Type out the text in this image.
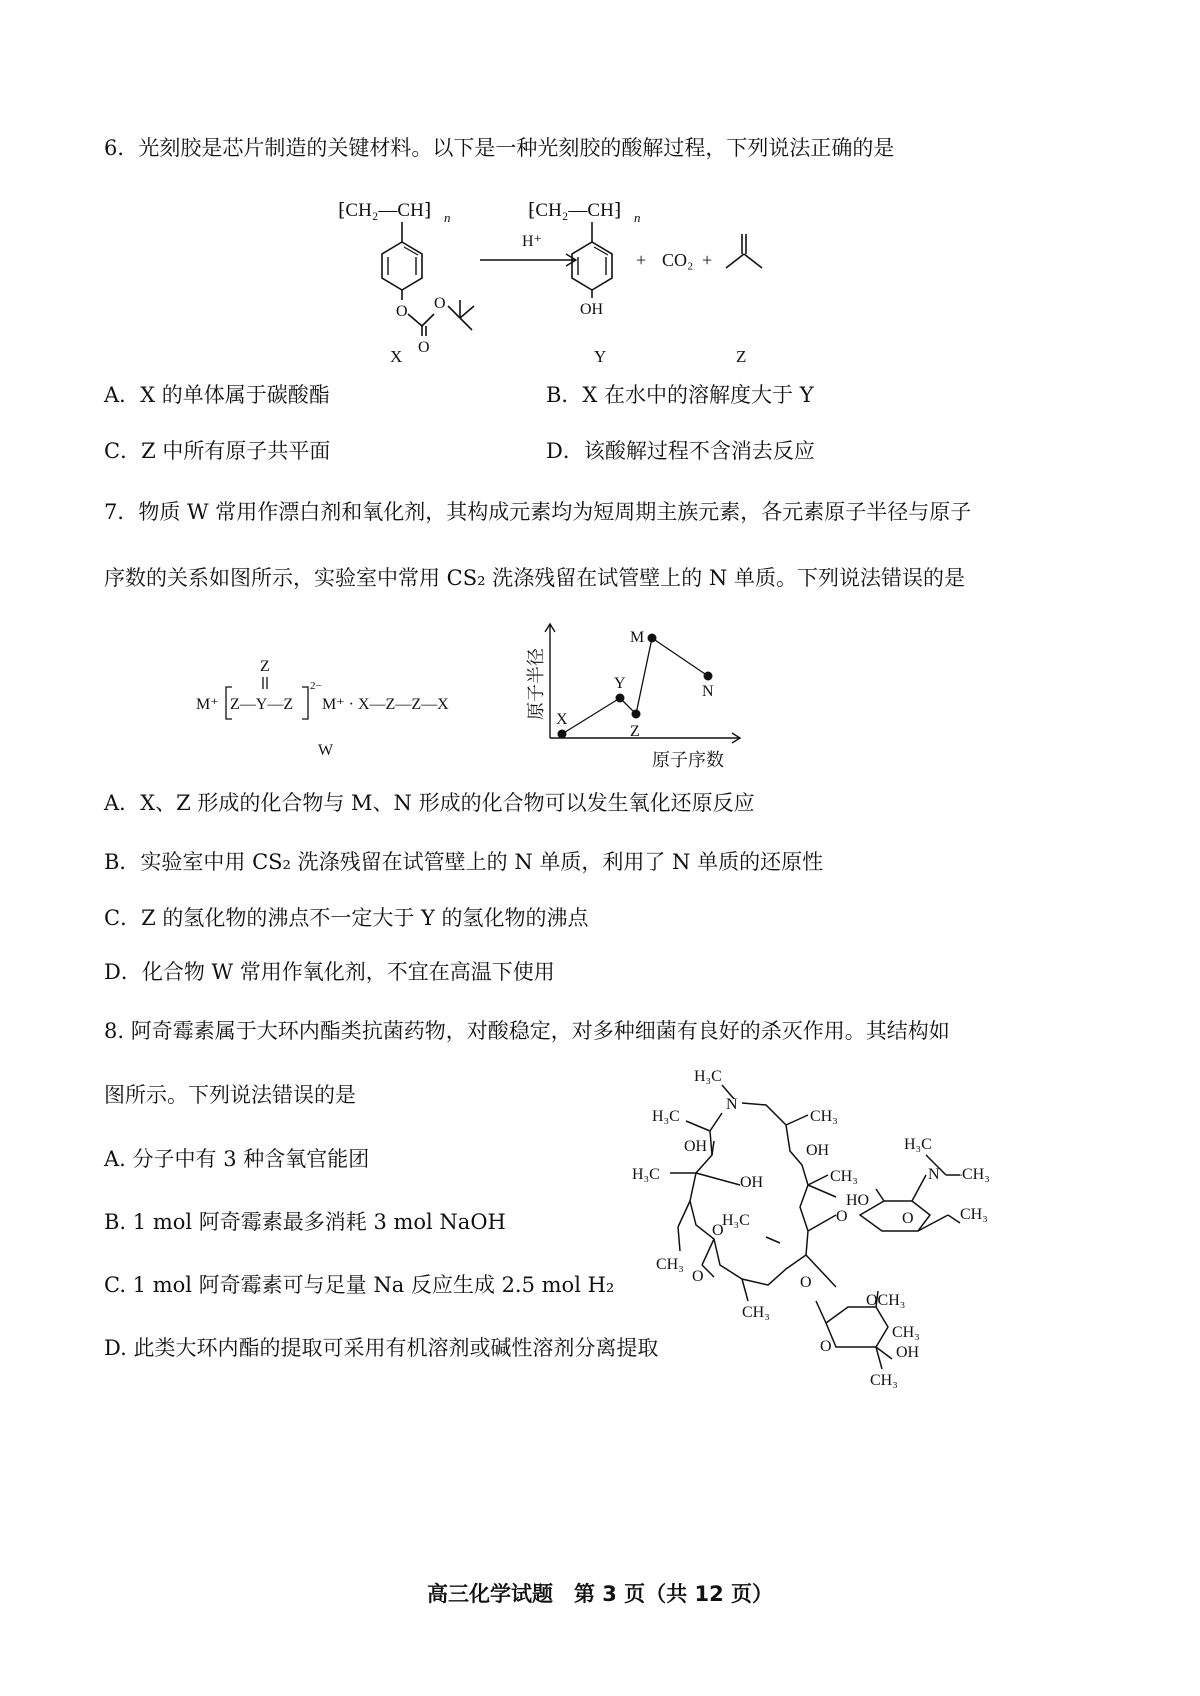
6．光刻胶是芯片制造的关键材料。以下是一种光刻胶的酸解过程，下列说法正确的是
⁅CH₂—CH⁆ n
O
O
O
H⁺
⁅CH₂—CH⁆ n
OH
+ CO₂ +
X	Y	Z
A．X 的单体属于碳酸酯	B．X 在水中的溶解度大于 Y
C．Z 中所有原子共平面	D．该酸解过程不含消去反应
7．物质 W 常用作漂白剂和氧化剂，其构成元素均为短周期主族元素，各元素原子半径与原子
序数的关系如图所示，实验室中常用 CS₂ 洗涤残留在试管壁上的 N 单质。下列说法错误的是
Z
M⁺ Z—Y—Z
2−
M⁺ · X—Z—Z—X
W
原子半径
原子序数
X
Y
Z
M
N
A．X、Z 形成的化合物与 M、N 形成的化合物可以发生氧化还原反应
B．实验室中用 CS₂ 洗涤残留在试管壁上的 N 单质，利用了 N 单质的还原性
C．Z 的氢化物的沸点不一定大于 Y 的氢化物的沸点
D．化合物 W 常用作氧化剂，不宜在高温下使用
8. 阿奇霉素属于大环内酯类抗菌药物，对酸稳定，对多种细菌有良好的杀灭作用。其结构如
图所示。下列说法错误的是
A. 分子中有 3 种含氧官能团
B. 1 mol 阿奇霉素最多消耗 3 mol NaOH
C. 1 mol 阿奇霉素可与足量 Na 反应生成 2.5 mol H₂
D. 此类大环内酯的提取可采用有机溶剂或碱性溶剂分离提取
H₃C
N
H₃C	CH₃
OH	OH
OH
H₃C	CH₃
H₃C
N —CH₃
HO
O	O	CH₃
H₃C
O
CH₃
O	O
CH₃
OCH₃
CH₃
OH
O
CH₃
高三化学试题　第 3 页（共 12 页）
